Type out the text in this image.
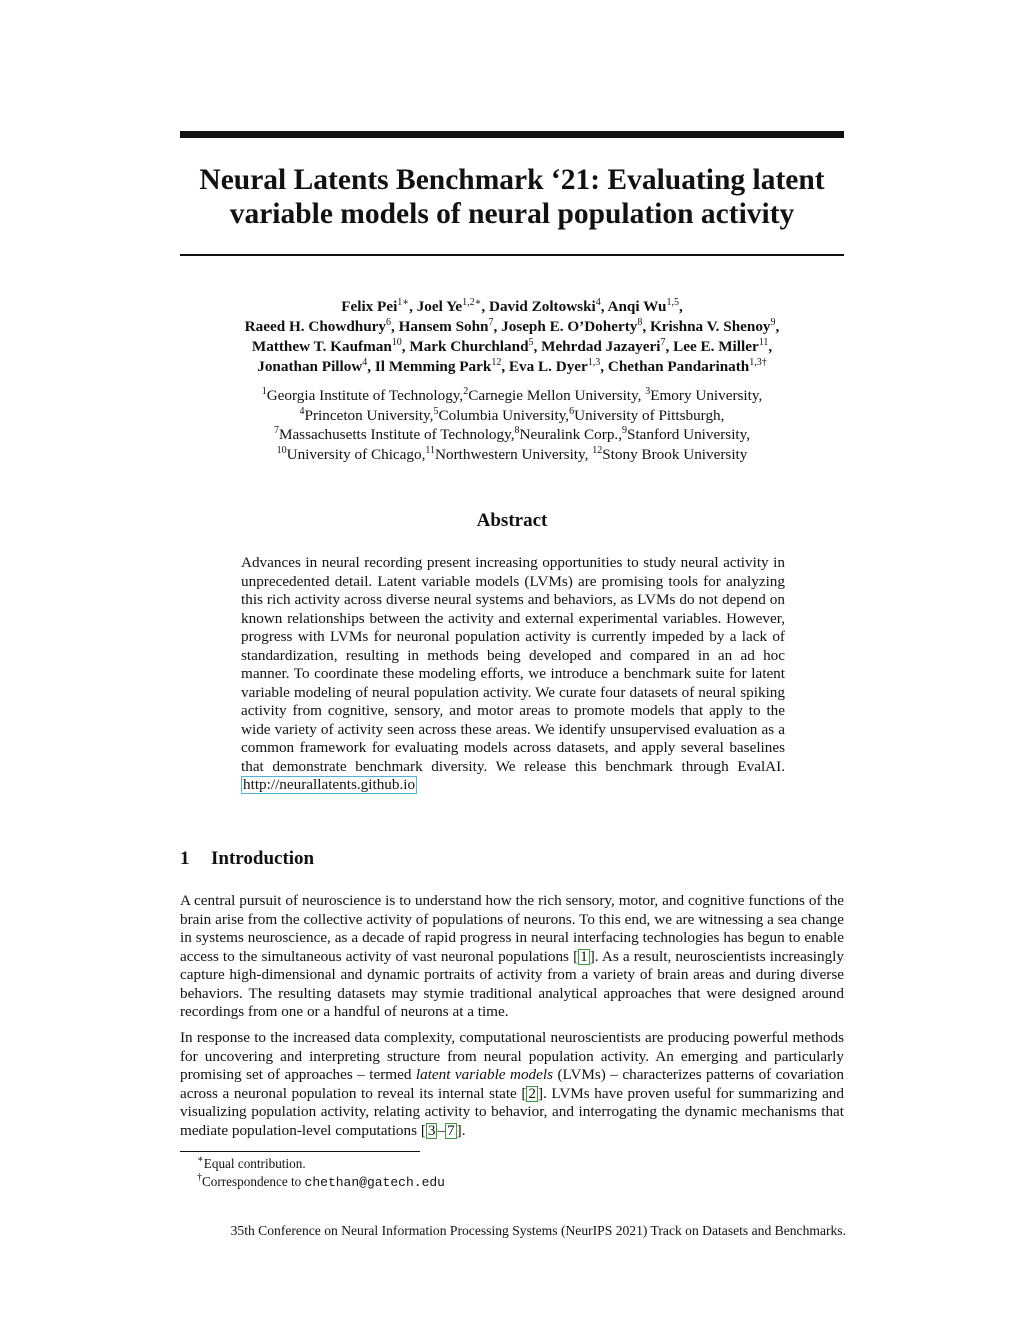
Neural Latents Benchmark ‘21: Evaluating latent
variable models of neural population activity
Felix Pei$^{1∗}$, Joel $Ye^{1,2∗}$, David Zoltowski$^4$, Anqi Wu$^{1,5}$,
Raeed H. Chowdhury$^6$, Hansem Sohn$^7$, Joseph E. O’Doherty$^8$, Krishna V. Shenoy$^9$,
Matthew T. Kaufman$^{10}$, Mark Churchland$^5$, Mehrdad Jazayeri$^7$, Lee E. Miller$^{11}$,
Jonathan Pillow$^4$, Il Memming Park$^{12}$, Eva L. Dyer$^{1,3}$, Chethan Pandarinath$^{1,3\dagger}$
$^1$Georgia Institute of Technology,$^2$Carnegie Mellon University, $^3$Emory University,
$^4$Princeton University,$^5$Columbia University,$^6$University of Pittsburgh,
$^7$Massachusetts Institute of Technology,$^8$Neuralink Corp.,$^9$Stanford University,
$^{10}$University of Chicago,$^{11}$Northwestern University, $^{12}$Stony Brook University
Abstract
Advances in neural recording present increasing opportunities to study neural activity in unprecedented detail. Latent variable models (LVMs) are promising tools for analyzing this rich activity across diverse neural systems and behaviors, as LVMs do not depend on known relationships between the activity and external experimental variables. However, progress with LVMs for neuronal population activity is currently impeded by a lack of standardization, resulting in methods being developed and compared in an ad hoc manner. To coordinate these modeling efforts, we introduce a benchmark suite for latent variable modeling of neural population activity. We curate four datasets of neural spiking activity from cognitive, sensory, and motor areas to promote models that apply to the wide variety of activity seen across these areas. We identify unsupervised evaluation as a common framework for evaluating models across datasets, and apply several baselines that demonstrate benchmark diversity. We release this benchmark through EvalAI. http://neurallatents.github.io
1 Introduction
A central pursuit of neuroscience is to understand how the rich sensory, motor, and cognitive functions of the brain arise from the collective activity of populations of neurons. To this end, we are witnessing a sea change in systems neuroscience, as a decade of rapid progress in neural interfacing technologies has begun to enable access to the simultaneous activity of vast neuronal populations [ 1 ]. As a result, neuroscientists increasingly capture high-dimensional and dynamic portraits of activity from a variety of brain areas and during diverse behaviors. The resulting datasets may stymie traditional analytical approaches that were designed around recordings from one or a handful of neurons at a time.
In response to the increased data complexity, computational neuroscientists are producing powerful methods for uncovering and interpreting structure from neural population activity. An emerging and particularly promising set of approaches – termed latent variable models (LVMs) – characterizes patterns of covariation across a neuronal population to reveal its internal state [ 2 ]. LVMs have proven useful for summarizing and visualizing population activity, relating activity to behavior, and interrogating the dynamic mechanisms that mediate population-level computations [ 3 – 7 ].
∗Equal contribution.
†Correspondence to chethan@gatech.edu
35th Conference on Neural Information Processing Systems (NeurIPS 2021) Track on Datasets and Benchmarks.
